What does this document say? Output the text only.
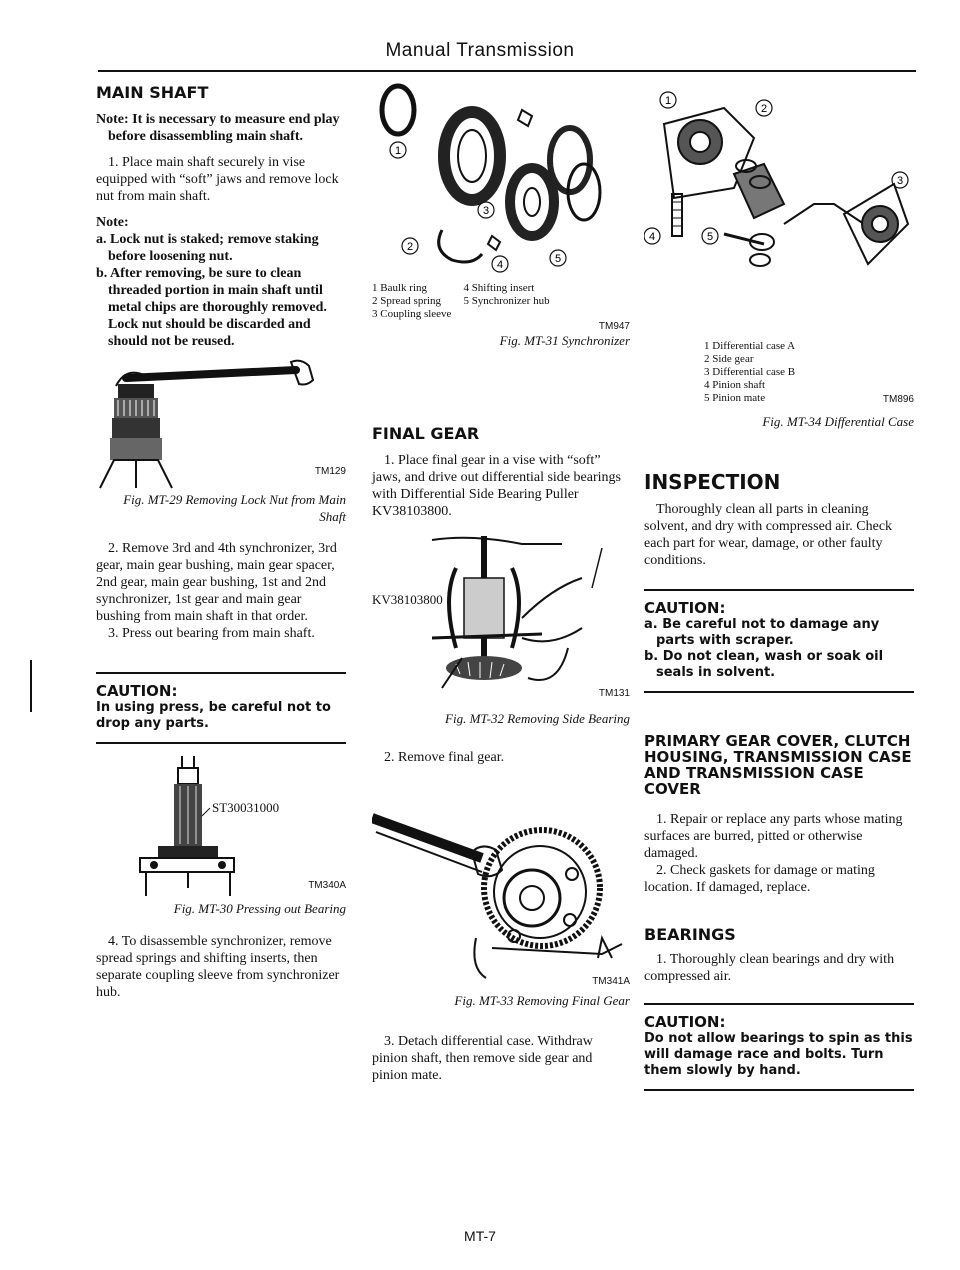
Manual Transmission
MAIN SHAFT

Note: It is necessary to measure end play before disassembling main shaft.

1. Place main shaft securely in vise equipped with “soft” jaws and remove lock nut from main shaft.

Note:

a. Lock nut is staked; remove staking before loosening nut.

b. After removing, be sure to clean threaded portion in main shaft until metal chips are thoroughly removed. Lock nut should be discarded and should not be reused.

TM129

Fig. MT-29 Removing Lock Nut from Main Shaft

2. Remove 3rd and 4th synchronizer, 3rd gear, main gear bushing, main gear spacer, 2nd gear, main gear bushing, 1st and 2nd synchronizer, 1st gear and main gear bushing from main shaft in that order.

3. Press out bearing from main shaft.

CAUTION:

In using press, be careful not to drop any parts.

ST30031000
TM340A

Fig. MT-30 Pressing out Bearing

4. To disassemble synchronizer, remove spread springs and shifting inserts, then separate coupling sleeve from synchronizer hub.

1
2
3
4	5
1 Baulk ring	4 Shifting insert
2 Spread spring	5 Synchronizer hub
3 Coupling sleeve	
TM947

Fig. MT-31 Synchronizer

FINAL GEAR

1. Place final gear in a vise with “soft” jaws, and drive out differential side bearings with Differential Side Bearing Puller KV38103800.

KV38103800
TM131

Fig. MT-32 Removing Side Bearing

2. Remove final gear.

TM341A

Fig. MT-33 Removing Final Gear

3. Detach differential case. Withdraw pinion shaft, then remove side gear and pinion mate.

1
2
3
4	5
1 Differential case A
2 Side gear
3 Differential case B
4 Pinion shaft
5 Pinion mate	TM896

Fig. MT-34 Differential Case

INSPECTION

Thoroughly clean all parts in cleaning solvent, and dry with compressed air. Check each part for wear, damage, or other faulty conditions.

CAUTION:

a. Be careful not to damage any parts with scraper.

b. Do not clean, wash or soak oil seals in solvent.

PRIMARY GEAR COVER, CLUTCH HOUSING, TRANSMISSION CASE AND TRANSMISSION CASE COVER

1. Repair or replace any parts whose mating surfaces are burred, pitted or otherwise damaged.

2. Check gaskets for damage or mating location. If damaged, replace.

BEARINGS

1. Thoroughly clean bearings and dry with compressed air.

CAUTION:

Do not allow bearings to spin as this will damage race and bolts. Turn them slowly by hand.

MT-7
